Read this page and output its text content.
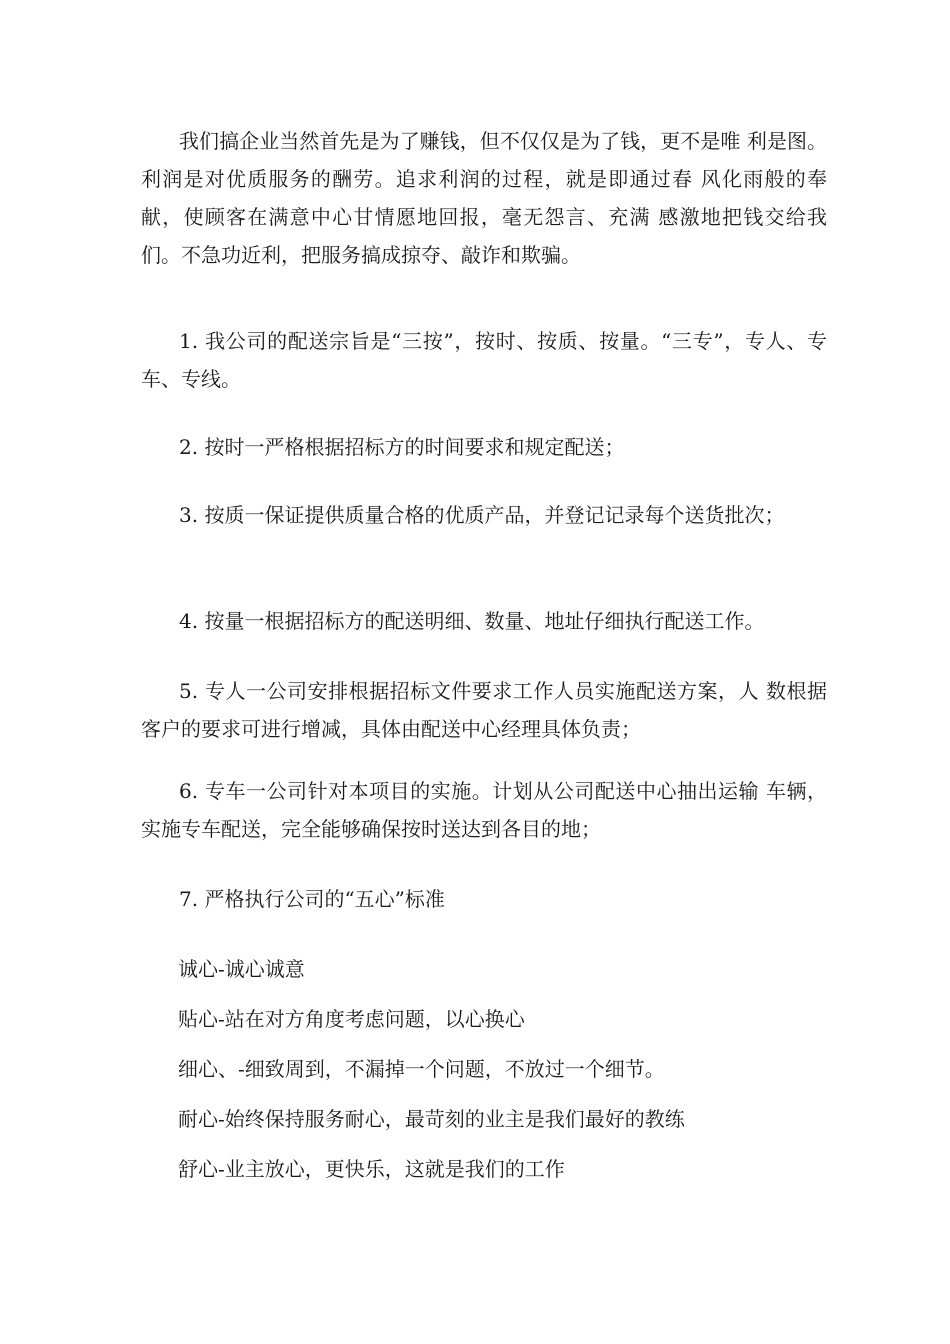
我们搞企业当然首先是为了赚钱，但不仅仅是为了钱，更不是唯 利是图。利润是对优质服务的酬劳。追求利润的过程，就是即通过春 风化雨般的奉献，使顾客在满意中心甘情愿地回报，毫无怨言、充满 感激地把钱交给我们。不急功近利，把服务搞成掠夺、敲诈和欺骗。

1. 我公司的配送宗旨是“三按”，按时、按质、按量。“三专”，专人、专车、专线。

2. 按时一严格根据招标方的时间要求和规定配送；

3. 按质一保证提供质量合格的优质产品，并登记记录每个送货批次；

4. 按量一根据招标方的配送明细、数量、地址仔细执行配送工作。

5. 专人一公司安排根据招标文件要求工作人员实施配送方案，人 数根据客户的要求可进行增减，具体由配送中心经理具体负责；

6. 专车一公司针对本项目的实施。计划从公司配送中心抽出运输 车辆，实施专车配送，完全能够确保按时送达到各目的地；

7. 严格执行公司的“五心”标准

诚心-诚心诚意

贴心-站在对方角度考虑问题，以心换心

细心、-细致周到，不漏掉一个问题，不放过一个细节。

耐心-始终保持服务耐心，最苛刻的业主是我们最好的教练

舒心-业主放心，更快乐，这就是我们的工作
